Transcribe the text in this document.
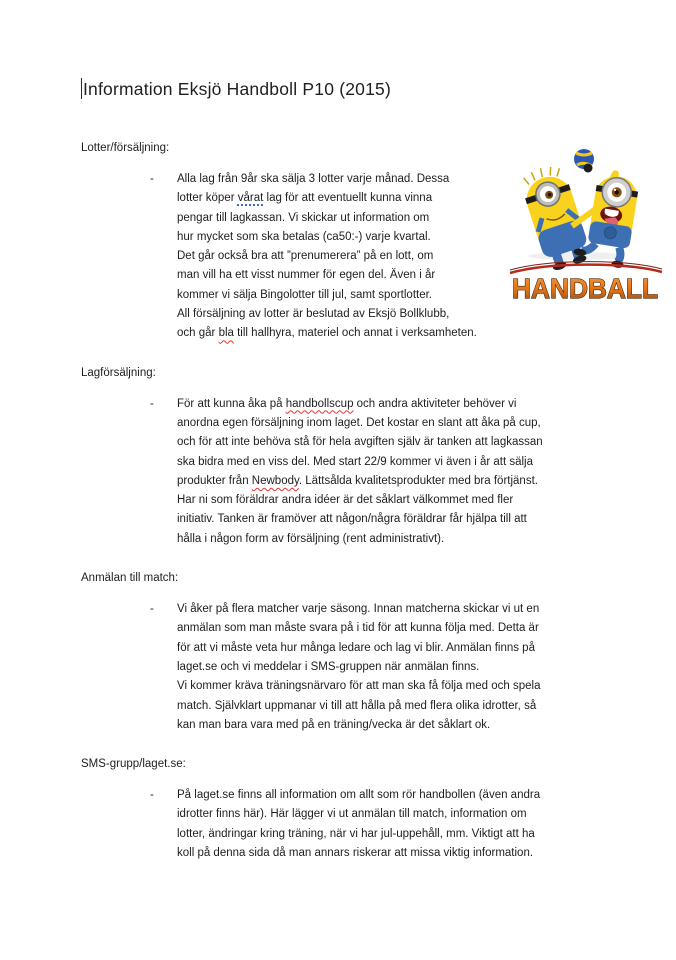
Information Eksjö Handboll P10 (2015)
Lotter/försäljning:
-	Alla lag från 9år ska sälja 3 lotter varje månad. Dessa
lotter köper vårat lag för att eventuellt kunna vinna
pengar till lagkassan. Vi skickar ut information om
hur mycket som ska betalas (ca50:-) varje kvartal.
Det går också bra att ”prenumerera” på en lott, om
man vill ha ett visst nummer för egen del. Även i år
kommer vi sälja Bingolotter till jul, samt sportlotter.
All försäljning av lotter är beslutad av Eksjö Bollklubb,
och går bla till hallhyra, materiel och annat i verksamheten.
Lagförsäljning:
-	För att kunna åka på handbollscup och andra aktiviteter behöver vi
anordna egen försäljning inom laget. Det kostar en slant att åka på cup,
och för att inte behöva stå för hela avgiften själv är tanken att lagkassan
ska bidra med en viss del. Med start 22/9 kommer vi även i år att sälja
produkter från Newbody. Lättsålda kvalitetsprodukter med bra förtjänst.
Har ni som föräldrar andra idéer är det såklart välkommet med fler
initiativ. Tanken är framöver att någon/några föräldrar får hjälpa till att
hålla i någon form av försäljning (rent administrativt).
Anmälan till match:
-	Vi åker på flera matcher varje säsong. Innan matcherna skickar vi ut en
anmälan som man måste svara på i tid för att kunna följa med. Detta är
för att vi måste veta hur många ledare och lag vi blir. Anmälan finns på
laget.se och vi meddelar i SMS-gruppen när anmälan finns.
Vi kommer kräva träningsnärvaro för att man ska få följa med och spela
match. Självklart uppmanar vi till att hålla på med flera olika idrotter, så
kan man bara vara med på en träning/vecka är det såklart ok.
SMS-grupp/laget.se:
-	På laget.se finns all information om allt som rör handbollen (även andra
idrotter finns här). Här lägger vi ut anmälan till match, information om
lotter, ändringar kring träning, när vi har jul-uppehåll, mm. Viktigt att ha
koll på denna sida då man annars riskerar att missa viktig information.
HANDBALL
